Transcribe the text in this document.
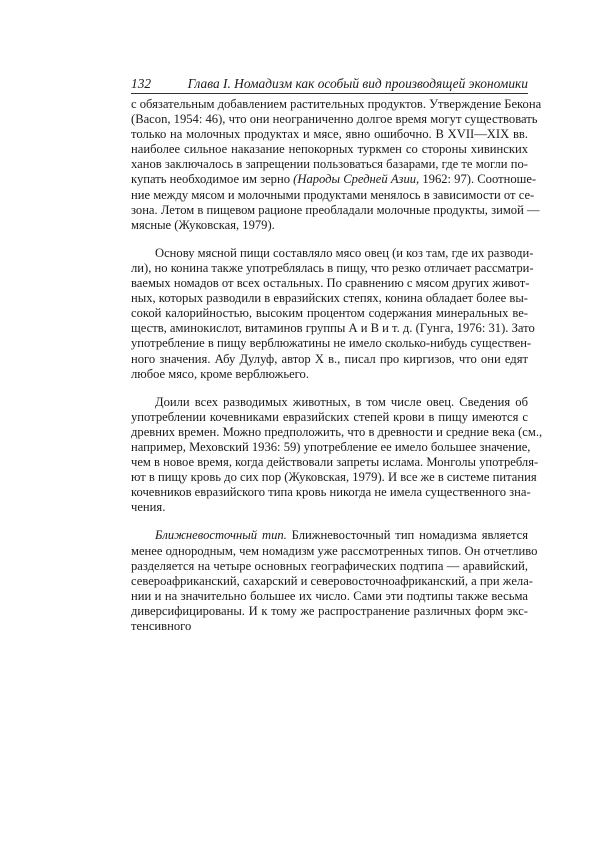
132	Глава I. Номадизм как особый вид производящей экономики

с обязательным добавлением растительных продуктов. Утверждение Бекона
(Bacon, 1954: 46), что они неограниченно долгое время могут существовать
только на молочных продуктах и мясе, явно ошибочно. В XVII—XIX вв.
наиболее сильное наказание непокорных туркмен со стороны хивинских
ханов заключалось в запрещении пользоваться базарами, где те могли по-
купать необходимое им зерно (Народы Средней Азии, 1962: 97). Соотноше-
ние между мясом и молочными продуктами менялось в зависимости от се-
зона. Летом в пищевом рационе преобладали молочные продукты, зимой —
мясные (Жуковская, 1979).

Основу мясной пищи составляло мясо овец (и коз там, где их разводи-
ли), но конина также употреблялась в пищу, что резко отличает рассматри-
ваемых номадов от всех остальных. По сравнению с мясом других живот-
ных, которых разводили в евразийских степях, конина обладает более вы-
сокой калорийностью, высоким процентом содержания минеральных ве-
ществ, аминокислот, витаминов группы А и В и т. д. (Гунга, 1976: 31). Зато
употребление в пищу верблюжатины не имело сколько-нибудь существен-
ного значения. Абу Дулуф, автор X в., писал про киргизов, что они едят
любое мясо, кроме верблюжьего.

Доили всех разводимых животных, в том числе овец. Сведения об
употреблении кочевниками евразийских степей крови в пищу имеются с
древних времен. Можно предположить, что в древности и средние века (см.,
например, Меховский 1936: 59) употребление ее имело большее значение,
чем в новое время, когда действовали запреты ислама. Монголы употребля-
ют в пищу кровь до сих пор (Жуковская, 1979). И все же в системе питания
кочевников евразийского типа кровь никогда не имела существенного зна-
чения.

Ближневосточный тип. Ближневосточный тип номадизма является
менее однородным, чем номадизм уже рассмотренных типов. Он отчетливо
разделяется на четыре основных географических подтипа — аравийский,
североафриканский, сахарский и северовосточноафриканский, а при жела-
нии и на значительно большее их число. Сами эти подтипы также весьма
диверсифицированы. И к тому же распространение различных форм экс-
тенсивного
